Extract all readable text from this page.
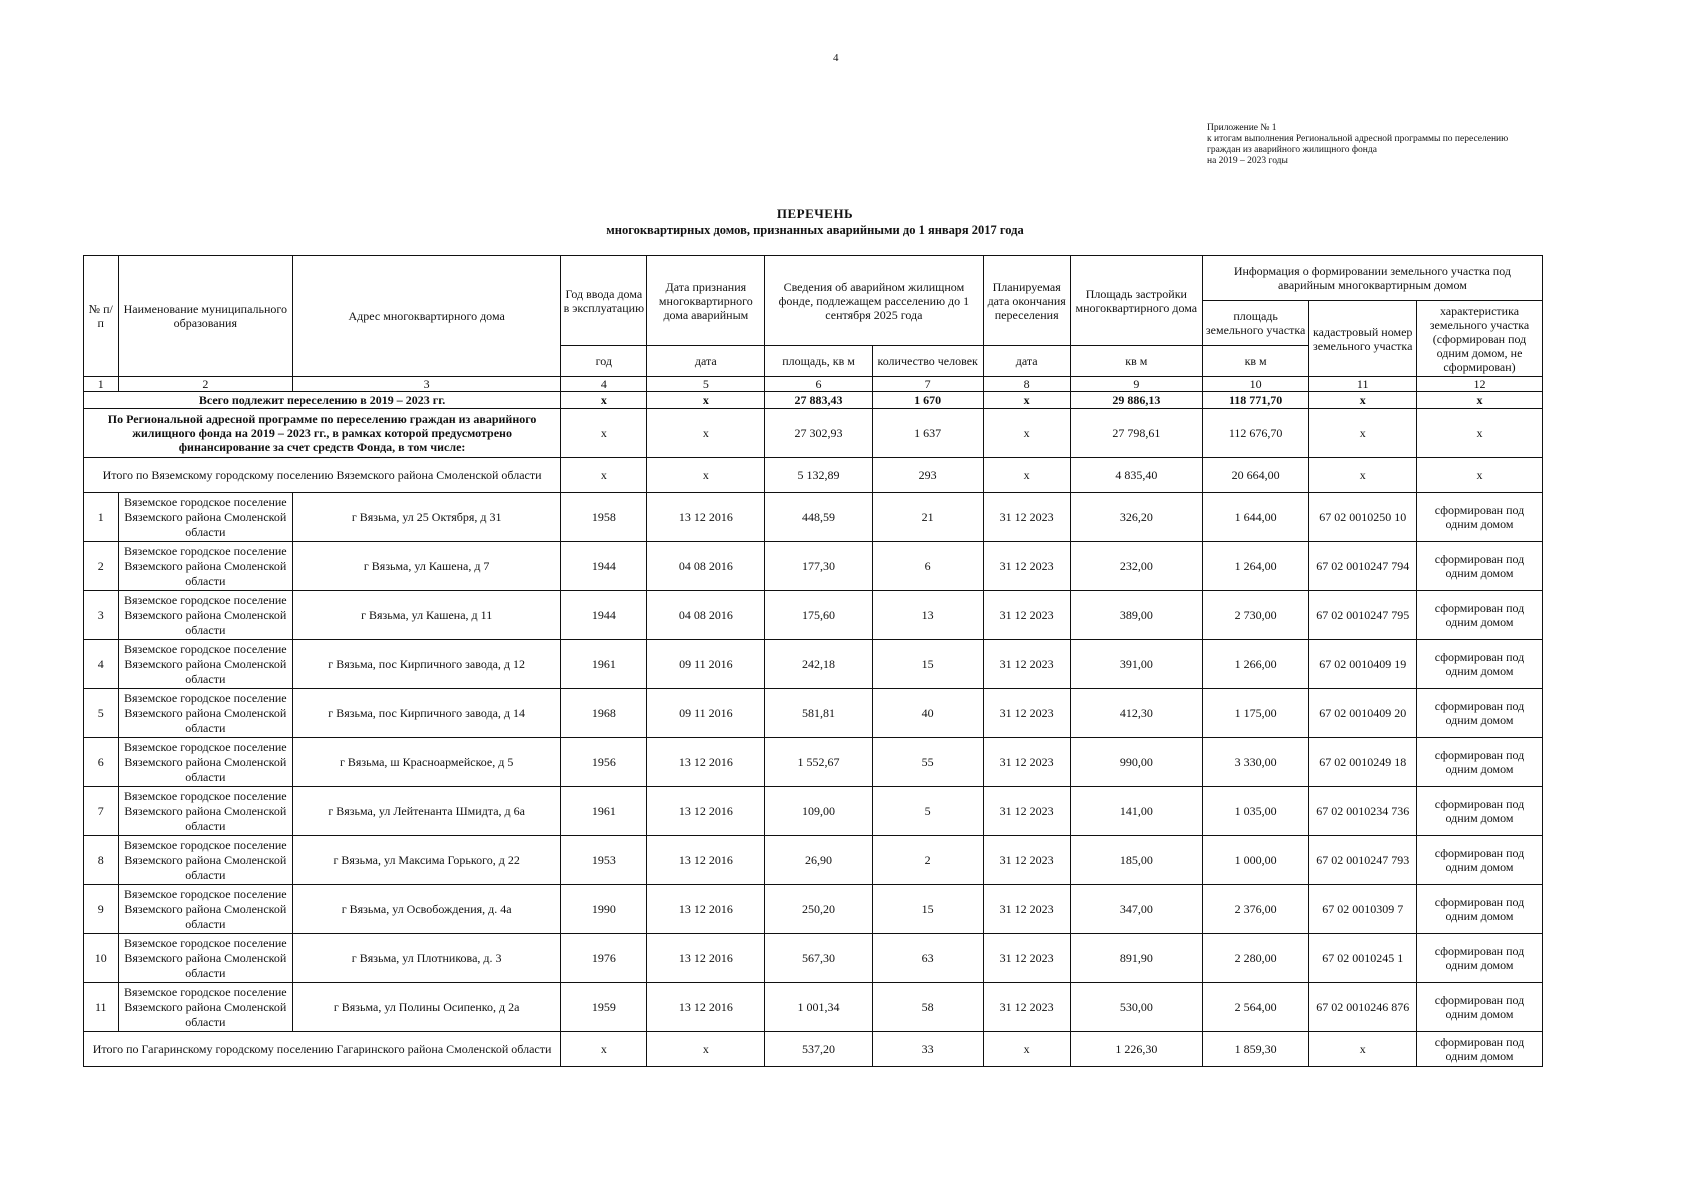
4
Приложение № 1
к итогам выполнения Региональной адресной программы по переселению
граждан из аварийного жилищного фонда
на 2019 – 2023 годы
ПЕРЕЧЕНЬ
многоквартирных домов, признанных аварийными до 1 января 2017 года
№ п/п	Наименование муниципального образования	Адрес многоквартирного дома	Год ввода дома в эксплуатацию	Дата признания многоквартирного дома аварийным	Сведения об аварийном жилищном фонде, подлежащем расселению до 1 сентября 2025 года		Планируемая дата окончания переселения	Площадь застройки многоквартирного дома	Информация о формировании земельного участка под аварийным многоквартирным домом		
									площадь земельного участка	кадастровый номер земельного участка	характеристика земельного участка (сформирован под одним домом, не сформирован)
			год	дата	площадь, кв м	количество человек	дата	кв м	кв м		
1	2	3	4	5	6	7	8	9	10	11	12
Всего подлежит переселению в 2019 – 2023 гг.			х	х	27 883,43	1 670	х	29 886,13	118 771,70	х	х
По Региональной адресной программе по переселению граждан из аварийного жилищного фонда на 2019 – 2023 гг., в рамках которой предусмотрено финансирование за счет средств Фонда, в том числе:			х	х	27 302,93	1 637	х	27 798,61	112 676,70	х	х
Итого по Вяземскому городскому поселению Вяземского района Смоленской области			х	х	5 132,89	293	х	4 835,40	20 664,00	х	х
1	Вяземское городское поселение Вяземского района Смоленской области	г Вязьма, ул 25 Октября, д 31	1958	13 12 2016	448,59	21	31 12 2023	326,20	1 644,00	67 02 0010250 10	сформирован под одним домом
2	Вяземское городское поселение Вяземского района Смоленской области	г Вязьма, ул Кашена, д 7	1944	04 08 2016	177,30	6	31 12 2023	232,00	1 264,00	67 02 0010247 794	сформирован под одним домом
3	Вяземское городское поселение Вяземского района Смоленской области	г Вязьма, ул Кашена, д 11	1944	04 08 2016	175,60	13	31 12 2023	389,00	2 730,00	67 02 0010247 795	сформирован под одним домом
4	Вяземское городское поселение Вяземского района Смоленской области	г Вязьма, пос Кирпичного завода, д 12	1961	09 11 2016	242,18	15	31 12 2023	391,00	1 266,00	67 02 0010409 19	сформирован под одним домом
5	Вяземское городское поселение Вяземского района Смоленской области	г Вязьма, пос Кирпичного завода, д 14	1968	09 11 2016	581,81	40	31 12 2023	412,30	1 175,00	67 02 0010409 20	сформирован под одним домом
6	Вяземское городское поселение Вяземского района Смоленской области	г Вязьма, ш Красноармейское, д 5	1956	13 12 2016	1 552,67	55	31 12 2023	990,00	3 330,00	67 02 0010249 18	сформирован под одним домом
7	Вяземское городское поселение Вяземского района Смоленской области	г Вязьма, ул Лейтенанта Шмидта, д 6а	1961	13 12 2016	109,00	5	31 12 2023	141,00	1 035,00	67 02 0010234 736	сформирован под одним домом
8	Вяземское городское поселение Вяземского района Смоленской области	г Вязьма, ул Максима Горького, д 22	1953	13 12 2016	26,90	2	31 12 2023	185,00	1 000,00	67 02 0010247 793	сформирован под одним домом
9	Вяземское городское поселение Вяземского района Смоленской области	г Вязьма, ул Освобождения, д. 4а	1990	13 12 2016	250,20	15	31 12 2023	347,00	2 376,00	67 02 0010309 7	сформирован под одним домом
10	Вяземское городское поселение Вяземского района Смоленской области	г Вязьма, ул Плотникова, д. 3	1976	13 12 2016	567,30	63	31 12 2023	891,90	2 280,00	67 02 0010245 1	сформирован под одним домом
11	Вяземское городское поселение Вяземского района Смоленской области	г Вязьма, ул Полины Осипенко, д 2а	1959	13 12 2016	1 001,34	58	31 12 2023	530,00	2 564,00	67 02 0010246 876	сформирован под одним домом
Итого по Гагаринскому городскому поселению Гагаринского района Смоленской области			х	х	537,20	33	х	1 226,30	1 859,30	х	сформирован под одним домом
